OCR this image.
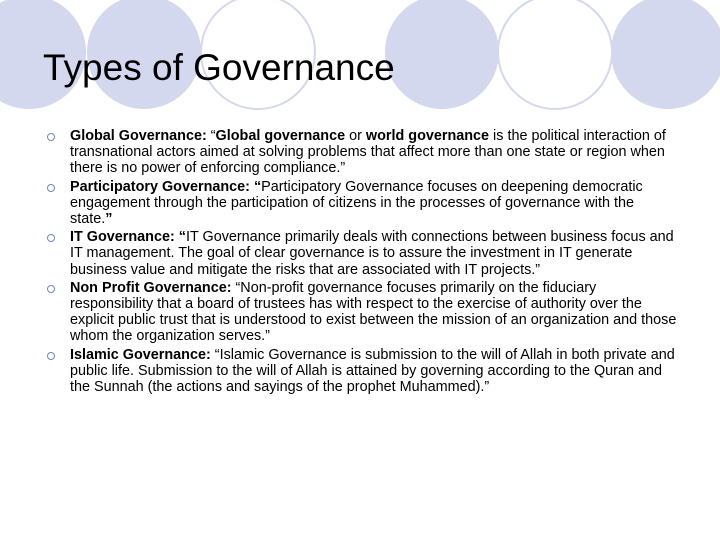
Types of Governance
Global Governance: “Global governance or world governance is the political interaction of transnational actors aimed at solving problems that affect more than one state or region when there is no power of enforcing compliance.”
Participatory Governance: “Participatory Governance focuses on deepening democratic engagement through the participation of citizens in the processes of governance with the state.”
IT Governance: “IT Governance primarily deals with connections between business focus and IT management. The goal of clear governance is to assure the investment in IT generate business value and mitigate the risks that are associated with IT projects.”
Non Profit Governance: “Non-profit governance focuses primarily on the fiduciary responsibility that a board of trustees has with respect to the exercise of authority over the explicit public trust that is understood to exist between the mission of an organization and those whom the organization serves.”
Islamic Governance: “Islamic Governance is submission to the will of Allah in both private and public life. Submission to the will of Allah is attained by governing according to the Quran and the Sunnah (the actions and sayings of the prophet Muhammed).”
